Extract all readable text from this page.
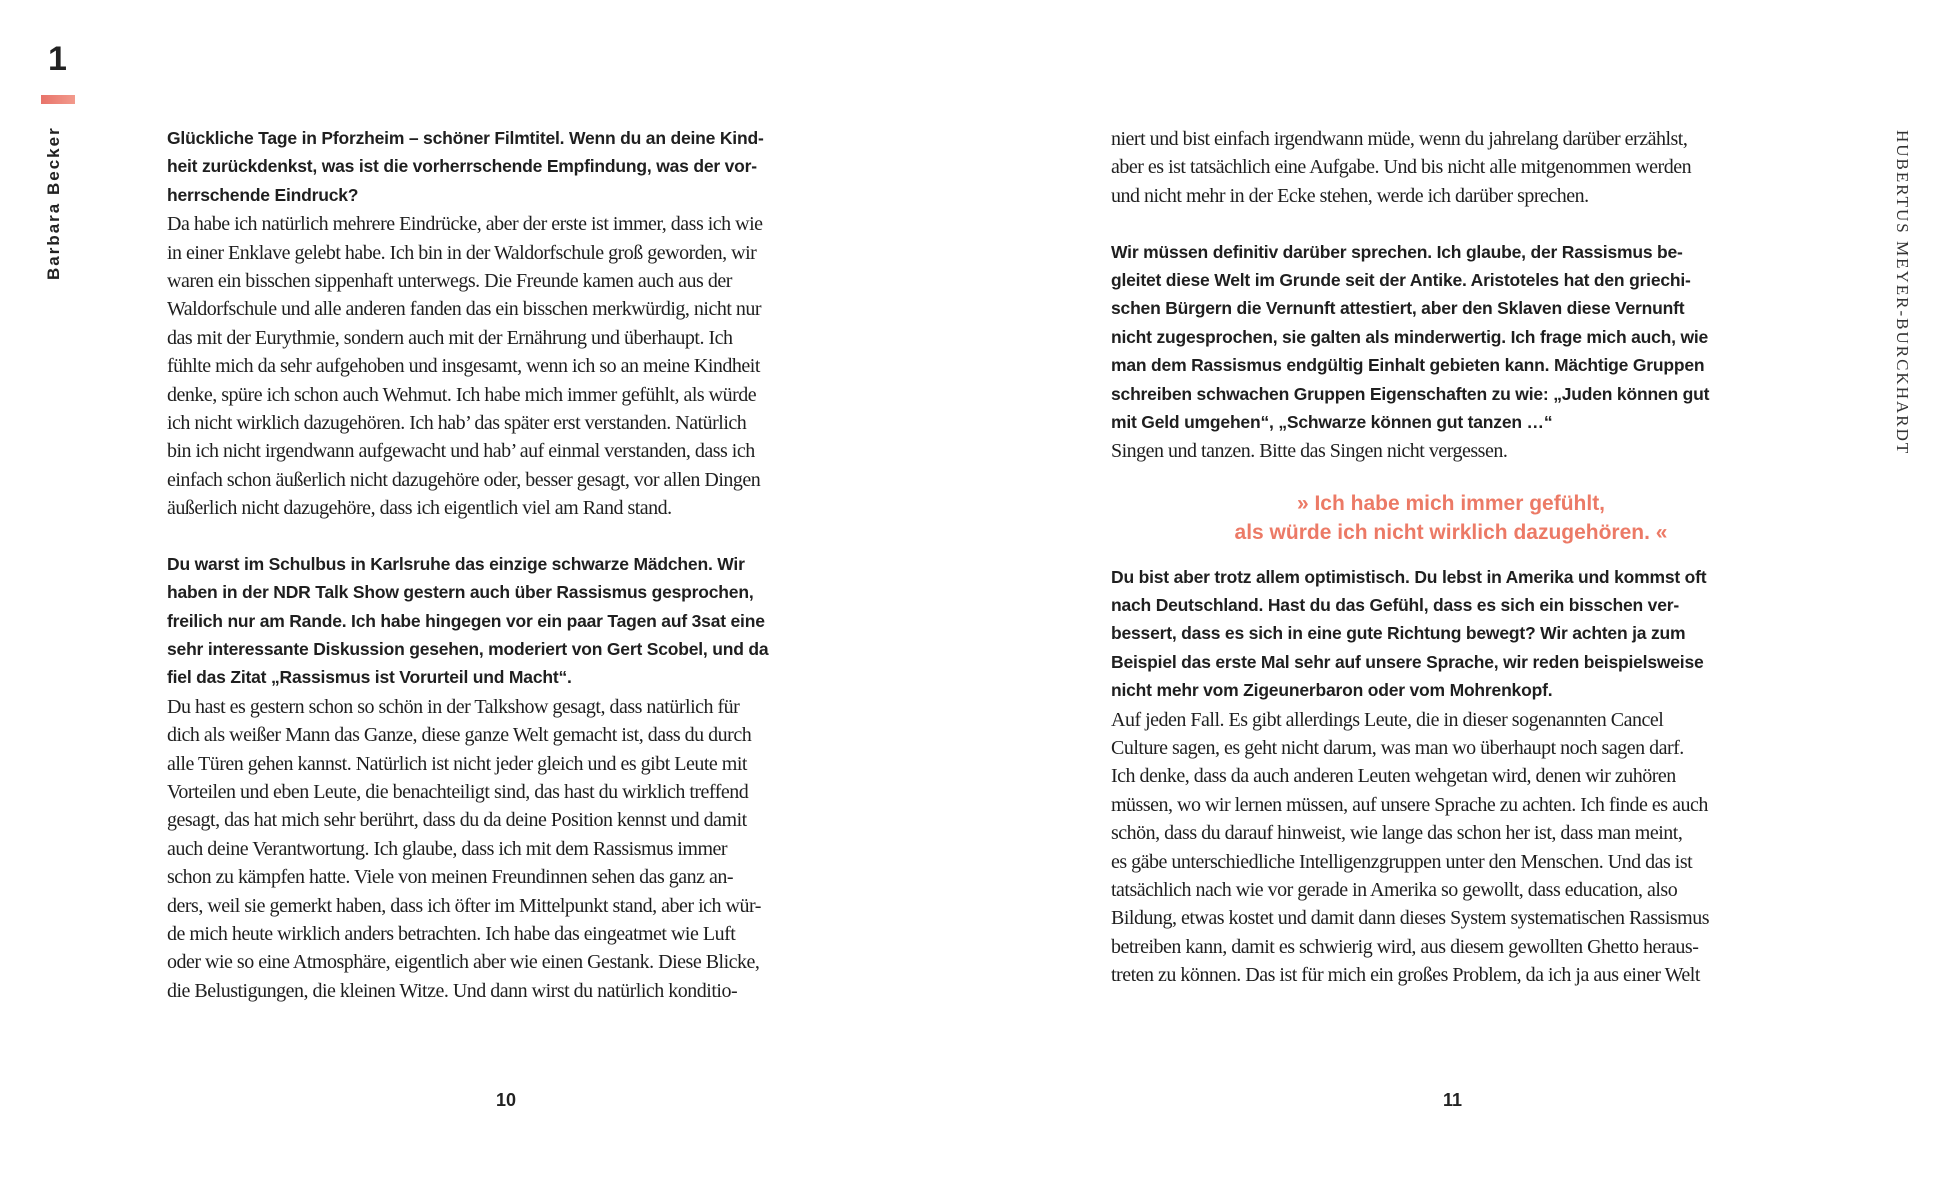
1
Barbara Becker	HUBERTUS MEYER-BURCKHARDT
Glückliche Tage in Pforzheim – schöner Filmtitel. Wenn du an deine Kind-
heit zurückdenkst, was ist die vorherrschende Empfindung, was der vor-
herrschende Eindruck?
Da habe ich natürlich mehrere Eindrücke, aber der erste ist immer, dass ich wie
in einer Enklave gelebt habe. Ich bin in der Waldorfschule groß geworden, wir
waren ein bisschen sippenhaft unterwegs. Die Freunde kamen auch aus der
Waldorfschule und alle anderen fanden das ein bisschen merkwürdig, nicht nur
das mit der Eurythmie, sondern auch mit der Ernährung und überhaupt. Ich
fühlte mich da sehr aufgehoben und insgesamt, wenn ich so an meine Kindheit
denke, spüre ich schon auch Wehmut. Ich habe mich immer gefühlt, als würde
ich nicht wirklich dazugehören. Ich hab’ das später erst verstanden. Natürlich
bin ich nicht irgendwann aufgewacht und hab’ auf einmal verstanden, dass ich
einfach schon äußerlich nicht dazugehöre oder, besser gesagt, vor allen Dingen
äußerlich nicht dazugehöre, dass ich eigentlich viel am Rand stand.
Du warst im Schulbus in Karlsruhe das einzige schwarze Mädchen. Wir
haben in der NDR Talk Show gestern auch über Rassismus gesprochen,
freilich nur am Rande. Ich habe hingegen vor ein paar Tagen auf 3sat eine
sehr interessante Diskussion gesehen, moderiert von Gert Scobel, und da
fiel das Zitat „Rassismus ist Vorurteil und Macht“.
Du hast es gestern schon so schön in der Talkshow gesagt, dass natürlich für
dich als weißer Mann das Ganze, diese ganze Welt gemacht ist, dass du durch
alle Türen gehen kannst. Natürlich ist nicht jeder gleich und es gibt Leute mit
Vorteilen und eben Leute, die benachteiligt sind, das hast du wirklich treffend
gesagt, das hat mich sehr berührt, dass du da deine Position kennst und damit
auch deine Verantwortung. Ich glaube, dass ich mit dem Rassismus immer
schon zu kämpfen hatte. Viele von meinen Freundinnen sehen das ganz an-
ders, weil sie gemerkt haben, dass ich öfter im Mittelpunkt stand, aber ich wür-
de mich heute wirklich anders betrachten. Ich habe das eingeatmet wie Luft
oder wie so eine Atmosphäre, eigentlich aber wie einen Gestank. Diese Blicke,
die Belustigungen, die kleinen Witze. Und dann wirst du natürlich konditio-
niert und bist einfach irgendwann müde, wenn du jahrelang darüber erzählst,
aber es ist tatsächlich eine Aufgabe. Und bis nicht alle mitgenommen werden
und nicht mehr in der Ecke stehen, werde ich darüber sprechen.
Wir müssen definitiv darüber sprechen. Ich glaube, der Rassismus be-
gleitet diese Welt im Grunde seit der Antike. Aristoteles hat den griechi-
schen Bürgern die Vernunft attestiert, aber den Sklaven diese Vernunft
nicht zugesprochen, sie galten als minderwertig. Ich frage mich auch, wie
man dem Rassismus endgültig Einhalt gebieten kann. Mächtige Gruppen
schreiben schwachen Gruppen Eigenschaften zu wie: „Juden können gut
mit Geld umgehen“, „Schwarze können gut tanzen …“
Singen und tanzen. Bitte das Singen nicht vergessen.
» Ich habe mich immer gefühlt,
als würde ich nicht wirklich dazugehören. «
Du bist aber trotz allem optimistisch. Du lebst in Amerika und kommst oft
nach Deutschland. Hast du das Gefühl, dass es sich ein bisschen ver-
bessert, dass es sich in eine gute Richtung bewegt? Wir achten ja zum
Beispiel das erste Mal sehr auf unsere Sprache, wir reden beispielsweise
nicht mehr vom Zigeunerbaron oder vom Mohrenkopf.
Auf jeden Fall. Es gibt allerdings Leute, die in dieser sogenannten Cancel
Culture sagen, es geht nicht darum, was man wo überhaupt noch sagen darf.
Ich denke, dass da auch anderen Leuten wehgetan wird, denen wir zuhören
müssen, wo wir lernen müssen, auf unsere Sprache zu achten. Ich finde es auch
schön, dass du darauf hinweist, wie lange das schon her ist, dass man meint,
es gäbe unterschiedliche Intelligenzgruppen unter den Menschen. Und das ist
tatsächlich nach wie vor gerade in Amerika so gewollt, dass education, also
Bildung, etwas kostet und damit dann dieses System systematischen Rassismus
betreiben kann, damit es schwierig wird, aus diesem gewollten Ghetto heraus-
treten zu können. Das ist für mich ein großes Problem, da ich ja aus einer Welt
10	11
